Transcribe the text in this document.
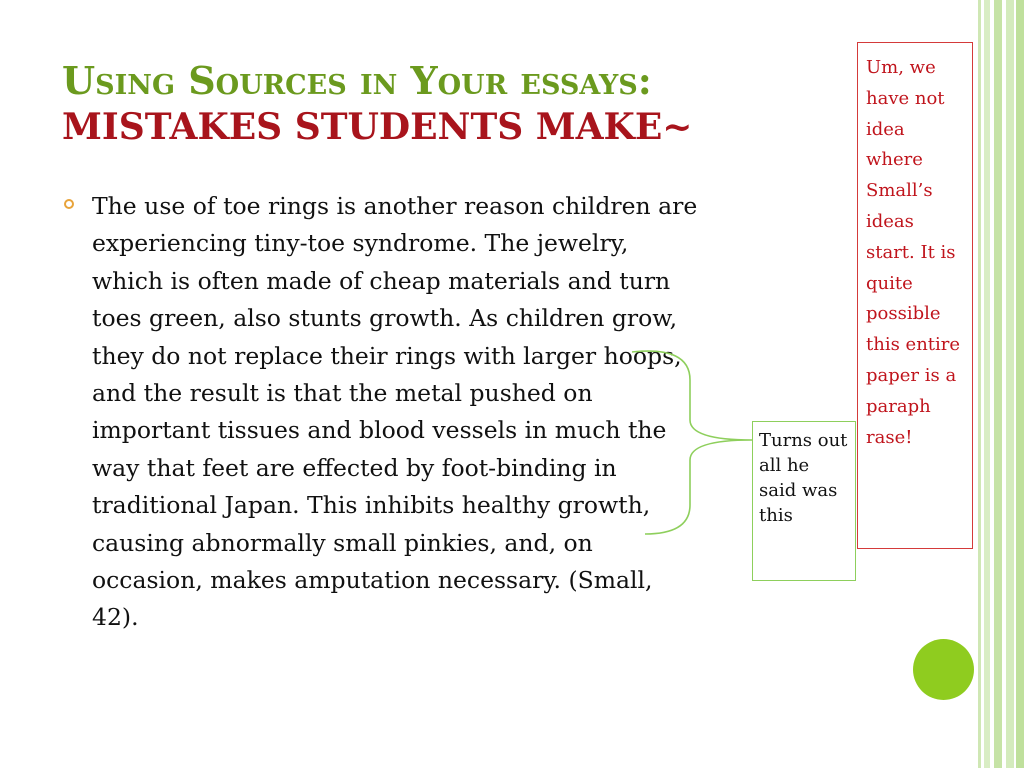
Using Sources in Your essays:
MISTAKES STUDENTS MAKE~

The use of toe rings is another reason children are experiencing tiny-toe syndrome. The jewelry, which is often made of cheap materials and turn toes green, also stunts growth. As children grow, they do not replace their rings with larger hoops, and the result is that the metal pushed on important tissues and blood vessels in much the way that feet are effected by foot-binding in traditional Japan. This inhibits healthy growth, causing abnormally small pinkies, and, on occasion, makes amputation necessary. (Small, 42).

Turns out all he said was this
Um, we have not idea where Small’s ideas start. It is quite possible this entire paper is a paraph rase!
